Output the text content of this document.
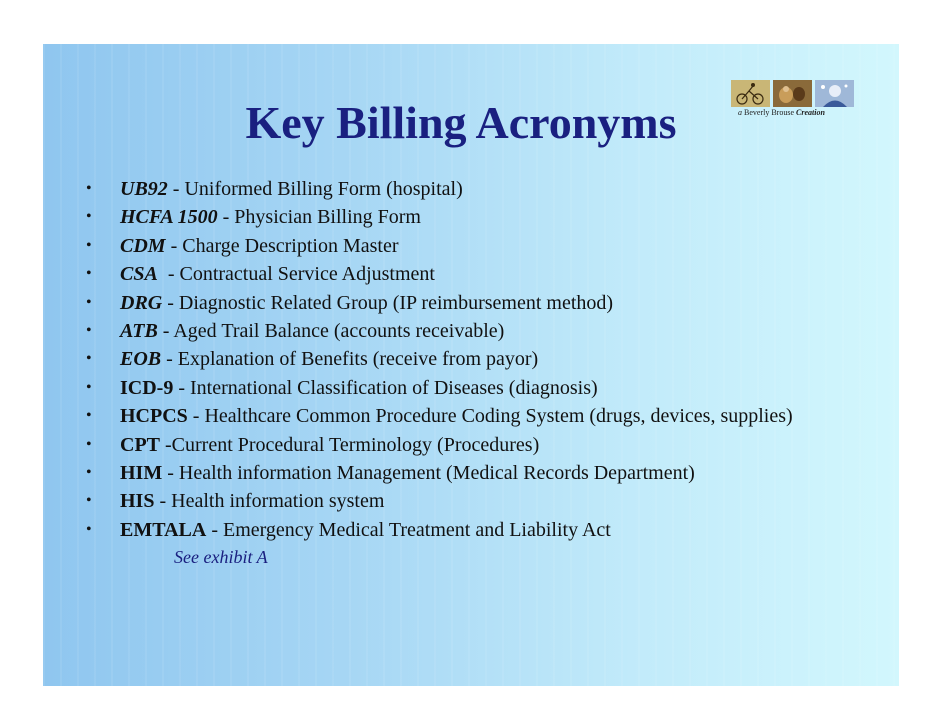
a Beverly Brouse Creation
Key Billing Acronyms
• UB92 - Uniformed Billing Form (hospital)
• HCFA 1500 - Physician Billing Form
• CDM - Charge Description Master
• CSA  - Contractual Service Adjustment
• DRG - Diagnostic Related Group (IP reimbursement method)
• ATB - Aged Trail Balance (accounts receivable)
• EOB - Explanation of Benefits (receive from payor)
• ICD-9 - International Classification of Diseases (diagnosis)
• HCPCS - Healthcare Common Procedure Coding System (drugs, devices, supplies)
• CPT -Current Procedural Terminology (Procedures)
• HIM - Health information Management (Medical Records Department)
• HIS - Health information system
• EMTALA - Emergency Medical Treatment and Liability Act
See exhibit A
